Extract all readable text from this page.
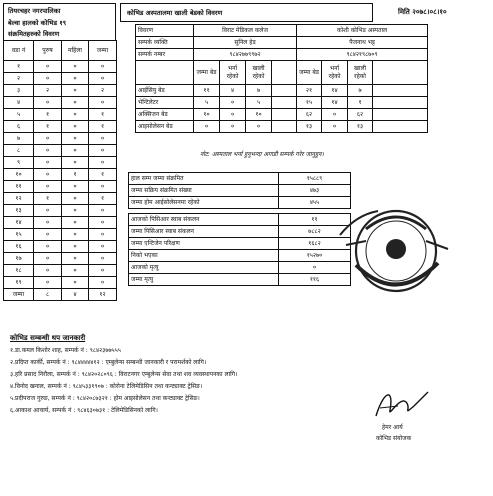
तियरचहर नगरपालिका
बेल्वा हालको कोभिड १९
संक्रमितहरुको विवरण
वडा नं	पुरुष	महिला	जम्मा
१	०	०	०
२	०	०	०
३	२	०	२
४	०	०	०
५	१	०	१
६	१	०	१
७	०	०	०
८	०	०	०
९	०	०	०
१०	०	१	१
११	०	०	०
१२	१	०	१
१३	०	०	०
१४	०	०	०
१५	०	०	०
१६	०	०	०
१७	०	०	०
१८	०	०	०
१९	०	०	०
जम्मा	८	४	१२
कोभिड अस्पतालमा खाली बेडको विवरण	मिति २०७८।०८।१०
विवरण	विराट मेडिकल कलेज				कोशी कोभिड अस्पताल			
सम्पर्क व्यक्ति	सुनिल हेड				पैजनाथ भट्ट			
सम्पर्क नम्बर	९८४२७७९९७२				९८४२१९८७०९			
	जम्मा बेड	भर्ना रहेको	खाली रहेको		जम्मा बेड	भर्ना रहेको	खाली रहेको	
आईसियु बेड	११	४	७		२१	१४	७	
भेन्टिलेटर	५	०	५		१५	१४	१	
अक्सिजन बेड	१०	०	१०		६२	०	६२	
आइसोलेसन बेड	०	०	०		१३	०	१३	
नोट: अस्पताल भर्ना हुनुभन्दा अगाडी सम्पर्क गरेर जानुहुन।
हाल सम्म जम्मा संक्रमित	१५८८९
जम्मा सक्रिय संक्रमित संख्या	४७३
जम्मा होम आईसोलेसनमा रहेको	४५५

आजको पिसिआर स्वाब संकलन	११
जम्मा पिसिआर स्वाब संकलन	७८८२
जम्मा एन्टिजेन परिक्षण	१६८२
निको भएका	१५२७०
आजको मृत्यु	०
जम्मा मृत्यु	११६
कोभिड सम्बन्धी थप जानकारी
१.डा.कमल किशोर शाह, सम्पर्क नं : ९८४२३७७५५५
२.प्रदिप्त कार्की, सम्पर्क नं : ९८४४४४४१२ : एम्बुलेन्स सम्बन्धी जानकारी र परामर्शको लागि।
३.हरि प्रसाद निरौला, सम्पर्क नं : ९८४२०२८०९६ : विराटनगर एम्बुलेन्स सेवा तथा शव व्यवस्थापनका लागि।
४.विनोद खनाल, सम्पर्क नं : ९८४५३३१९०७ : कोरोना टेलिमेडिसिन तथा कन्ट्याक्ट ट्रेसिङ।
५.प्रदीपराज गुरुङ, सम्पर्क नं : ९८४२०८७३२१ : होम आइसोलेसन तथा कन्ट्याक्ट ट्रेसिङ।
६.आकाश आचार्य, सम्पर्क नं : ९८४६३०७३१ : टेलिमेडिसिनको लागि।
हेमर आर्य
कोभिड संयोजक
